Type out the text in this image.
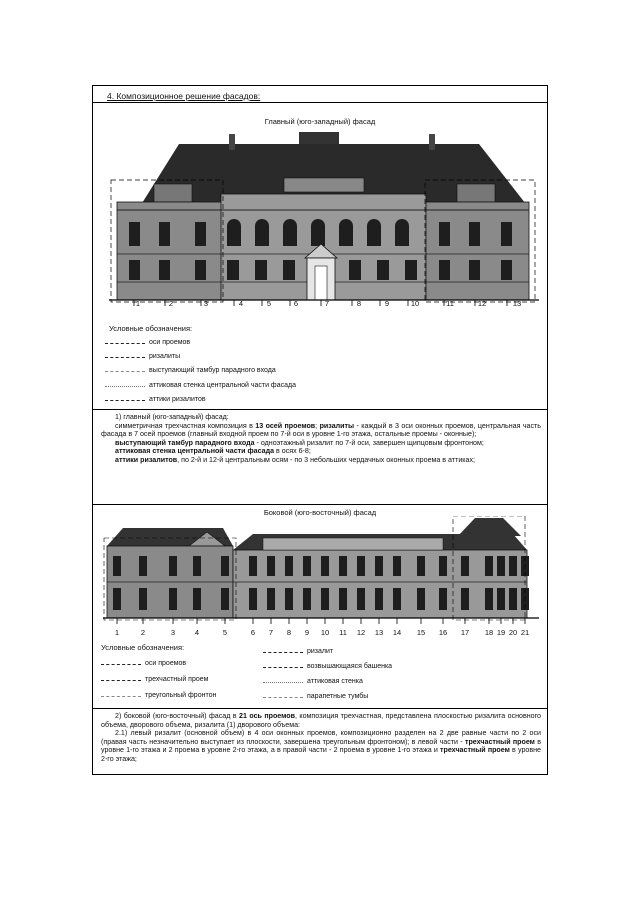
4. Композиционное решение фасадов:
Главный (юго-западный) фасад
1	2	3	4	5	6	7	8	9	10	11	12	13
Условные обозначения:
оси проемов
ризалиты
выступающий тамбур парадного входа
аттиковая стенка центральной части фасада
аттики ризалитов

1) главный (юго-западный) фасад:

симметричная трехчастная композиция в 13 осей проемов; ризалиты - каждый в 3 оси оконных проемов, центральная часть фасада в 7 осей проемов (главный входной проем по 7-й оси в уровне 1-го этажа, остальные проемы - оконные);

выступающий тамбур парадного входа - одноэтажный ризалит по 7-й оси, завершен щипцовым фронтоном;

аттиковая стенка центральной части фасада в осях 6-8;

аттики ризалитов, по 2-й и 12-й центральным осям - по 3 небольших чердачных оконных проема в аттиках;

Боковой (юго-восточный) фасад
1	2	3	4	5	6 7 8 9 10 11 12 13 14 15 16 17 18 19 20 21
Условные обозначения:
оси проемов
трехчастный проем
треугольный фронтон
ризалит
возвышающаяся башенка
аттиковая стенка
парапетные тумбы

2) боковой (юго-восточный) фасад в 21 ось проемов, композиция трехчастная, представлена плоскостью ризалита основного объема, дворового объема, ризалита (1) дворового объема:

2.1) левый ризалит (основной объем) в 4 оси оконных проемов, композиционно разделен на 2 две равные части по 2 оси (правая часть незначительно выступает из плоскости, завершена треугольным фронтоном); в левой части - трехчастный проем в уровне 1-го этажа и 2 проема в уровне 2-го этажа, а в правой части - 2 проема в уровне 1-го этажа и трехчастный проем в уровне 2-го этажа;
